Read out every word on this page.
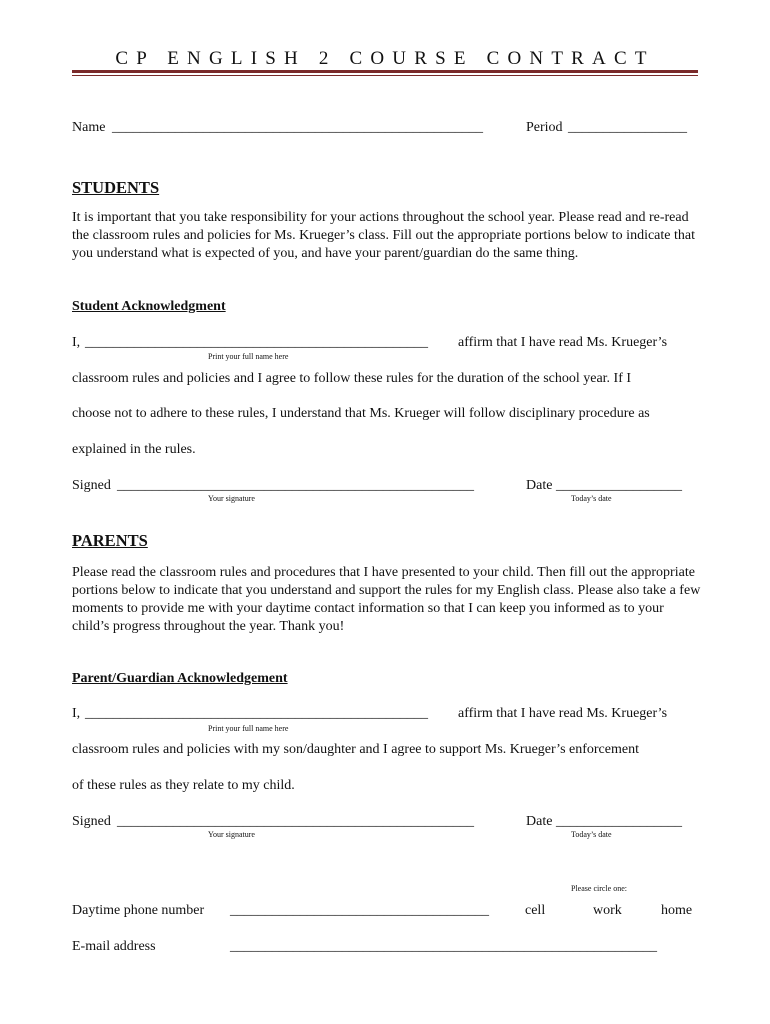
CP ENGLISH 2 COURSE CONTRACT
Name _____________________________________________________	Period _________________
STUDENTS
It is important that you take responsibility for your actions throughout the school year. Please read and re-read the classroom rules and policies for Ms. Krueger’s class. Fill out the appropriate portions below to indicate that you understand what is expected of you, and have your parent/guardian do the same thing.
Student Acknowledgment
I, _________________________________________________ affirm that I have read Ms. Krueger’s
Print your full name here
classroom rules and policies and I agree to follow these rules for the duration of the school year. If I
choose not to adhere to these rules, I understand that Ms. Krueger will follow disciplinary procedure as
explained in the rules.
Signed ___________________________________________________	Date __________________
Your signature	Today’s date
PARENTS
Please read the classroom rules and procedures that I have presented to your child. Then fill out the appropriate portions below to indicate that you understand and support the rules for my English class. Please also take a few moments to provide me with your daytime contact information so that I can keep you informed as to your child’s progress throughout the year. Thank you!
Parent/Guardian Acknowledgement
I, _________________________________________________ affirm that I have read Ms. Krueger’s
Print your full name here
classroom rules and policies with my son/daughter and I agree to support Ms. Krueger’s enforcement
of these rules as they relate to my child.
Signed ___________________________________________________	Date __________________
Your signature	Today’s date
Please circle one:
Daytime phone number _____________________________________	cell	work	home
E-mail address	_____________________________________________________________
